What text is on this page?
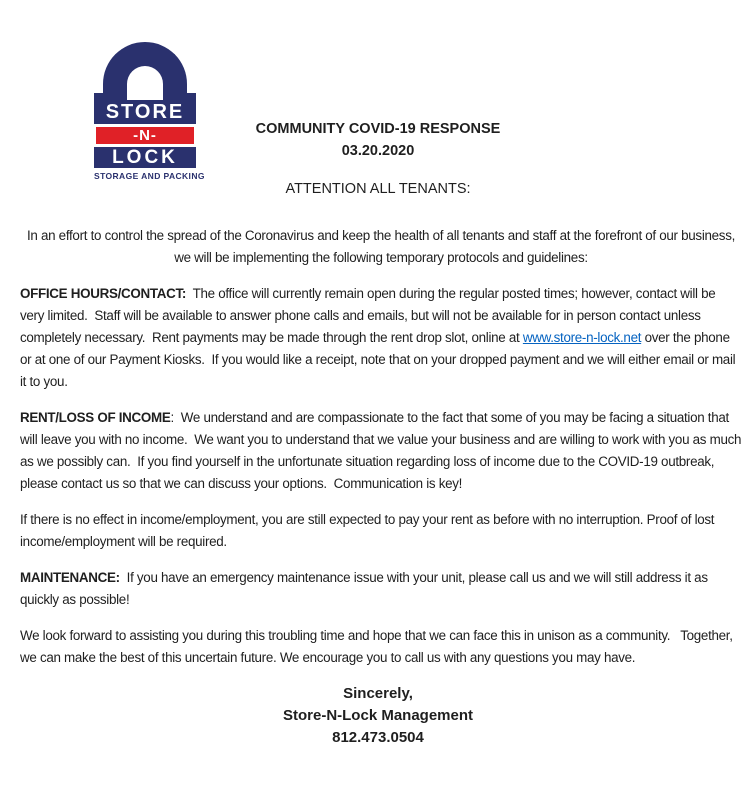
STORE
-N-
LOCK
STORAGE AND PACKING
COMMUNITY COVID-19 RESPONSE
03.20.2020
ATTENTION ALL TENANTS:

In an effort to control the spread of the Coronavirus and keep the health of all tenants and staff at the forefront of our business, we will be implementing the following temporary protocols and guidelines:

OFFICE HOURS/CONTACT:  The office will currently remain open during the regular posted times; however, contact will be very limited.  Staff will be available to answer phone calls and emails, but will not be available for in person contact unless completely necessary.  Rent payments may be made through the rent drop slot, online at www.store-n-lock.net over the phone or at one of our Payment Kiosks.  If you would like a receipt, note that on your dropped payment and we will either email or mail it to you.

RENT/LOSS OF INCOME:  We understand and are compassionate to the fact that some of you may be facing a situation that will leave you with no income.  We want you to understand that we value your business and are willing to work with you as much as we possibly can.  If you find yourself in the unfortunate situation regarding loss of income due to the COVID-19 outbreak, please contact us so that we can discuss your options.  Communication is key!

If there is no effect in income/employment, you are still expected to pay your rent as before with no interruption. Proof of lost income/employment will be required.

MAINTENANCE:  If you have an emergency maintenance issue with your unit, please call us and we will still address it as quickly as possible!

We look forward to assisting you during this troubling time and hope that we can face this in unison as a community.   Together, we can make the best of this uncertain future. We encourage you to call us with any questions you may have.

Sincerely,
Store-N-Lock Management
812.473.0504
